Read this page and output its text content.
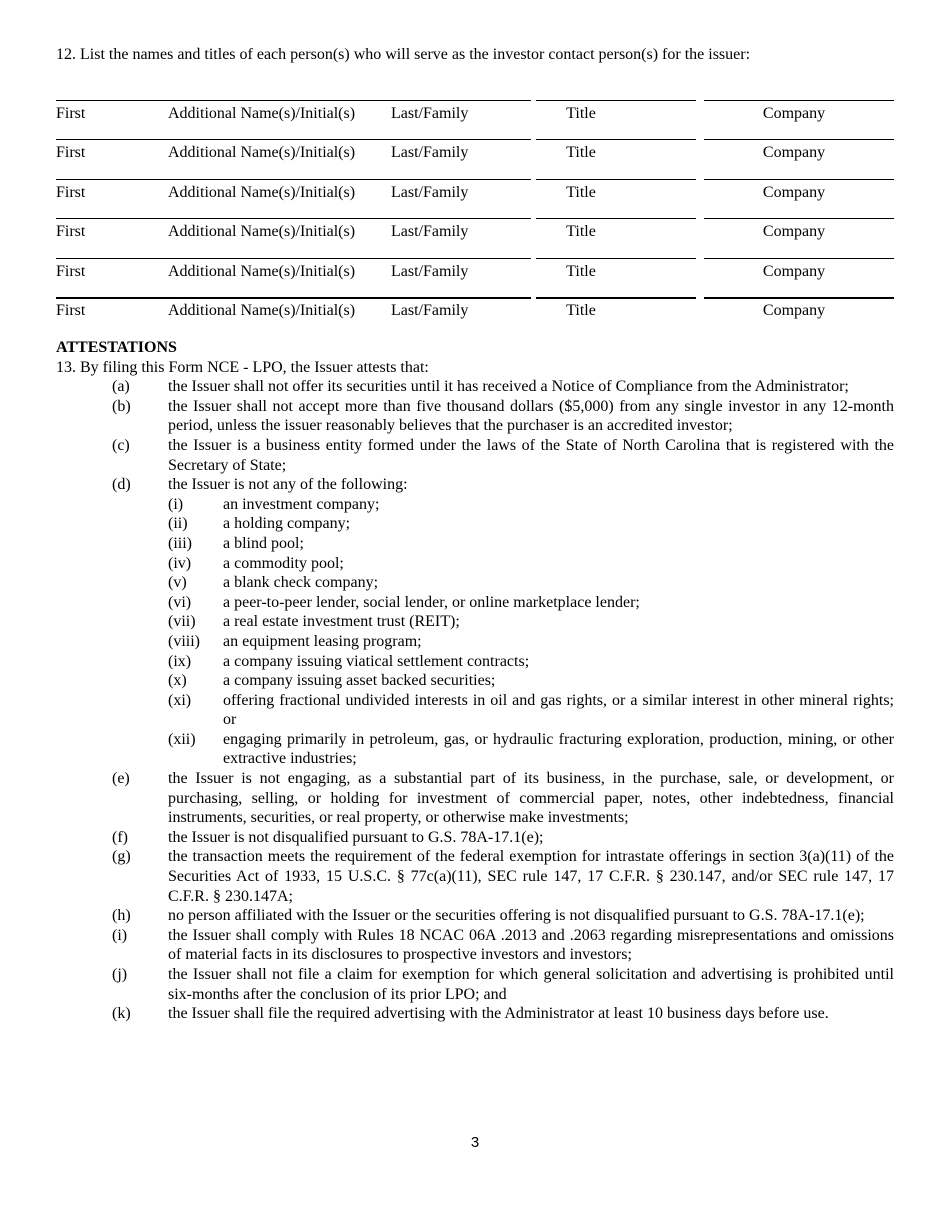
12. List the names and titles of each person(s) who will serve as the investor contact person(s) for the issuer:
First	Additional Name(s)/Initial(s) Last/Family	Title	Company
First	Additional Name(s)/Initial(s) Last/Family	Title	Company
First	Additional Name(s)/Initial(s) Last/Family	Title	Company
First	Additional Name(s)/Initial(s) Last/Family	Title	Company
First	Additional Name(s)/Initial(s) Last/Family	Title	Company
First	Additional Name(s)/Initial(s) Last/Family	Title	Company
ATTESTATIONS
13. By filing this Form NCE - LPO, the Issuer attests that:
(a)	the Issuer shall not offer its securities until it has received a Notice of Compliance from the Administrator;
(b)	the Issuer shall not accept more than five thousand dollars ($5,000) from any single investor in any 12-month period, unless the issuer reasonably believes that the purchaser is an accredited investor;
(c)	the Issuer is a business entity formed under the laws of the State of North Carolina that is registered with the Secretary of State;
(d)	the Issuer is not any of the following:
(i)	an investment company;
(ii)	a holding company;
(iii)	a blind pool;
(iv)	a commodity pool;
(v)	a blank check company;
(vi)	a peer-to-peer lender, social lender, or online marketplace lender;
(vii)	a real estate investment trust (REIT);
(viii)	an equipment leasing program;
(ix)	a company issuing viatical settlement contracts;
(x)	a company issuing asset backed securities;
(xi)	offering fractional undivided interests in oil and gas rights, or a similar interest in other mineral rights; or
(xii)	engaging primarily in petroleum, gas, or hydraulic fracturing exploration, production, mining, or other extractive industries;
(e)	the Issuer is not engaging, as a substantial part of its business, in the purchase, sale, or development, or purchasing, selling, or holding for investment of commercial paper, notes, other indebtedness, financial instruments, securities, or real property, or otherwise make investments;
(f)	the Issuer is not disqualified pursuant to G.S. 78A-17.1(e);
(g)	the transaction meets the requirement of the federal exemption for intrastate offerings in section 3(a)(11) of the Securities Act of 1933, 15 U.S.C. § 77c(a)(11), SEC rule 147, 17 C.F.R. § 230.147, and/or SEC rule 147, 17 C.F.R. § 230.147A;
(h)	no person affiliated with the Issuer or the securities offering is not disqualified pursuant to G.S. 78A-17.1(e);
(i)	the Issuer shall comply with Rules 18 NCAC 06A .2013 and .2063 regarding misrepresentations and omissions of material facts in its disclosures to prospective investors and investors;
(j)	the Issuer shall not file a claim for exemption for which general solicitation and advertising is prohibited until six-months after the conclusion of its prior LPO; and
(k)	the Issuer shall file the required advertising with the Administrator at least 10 business days before use.
3
